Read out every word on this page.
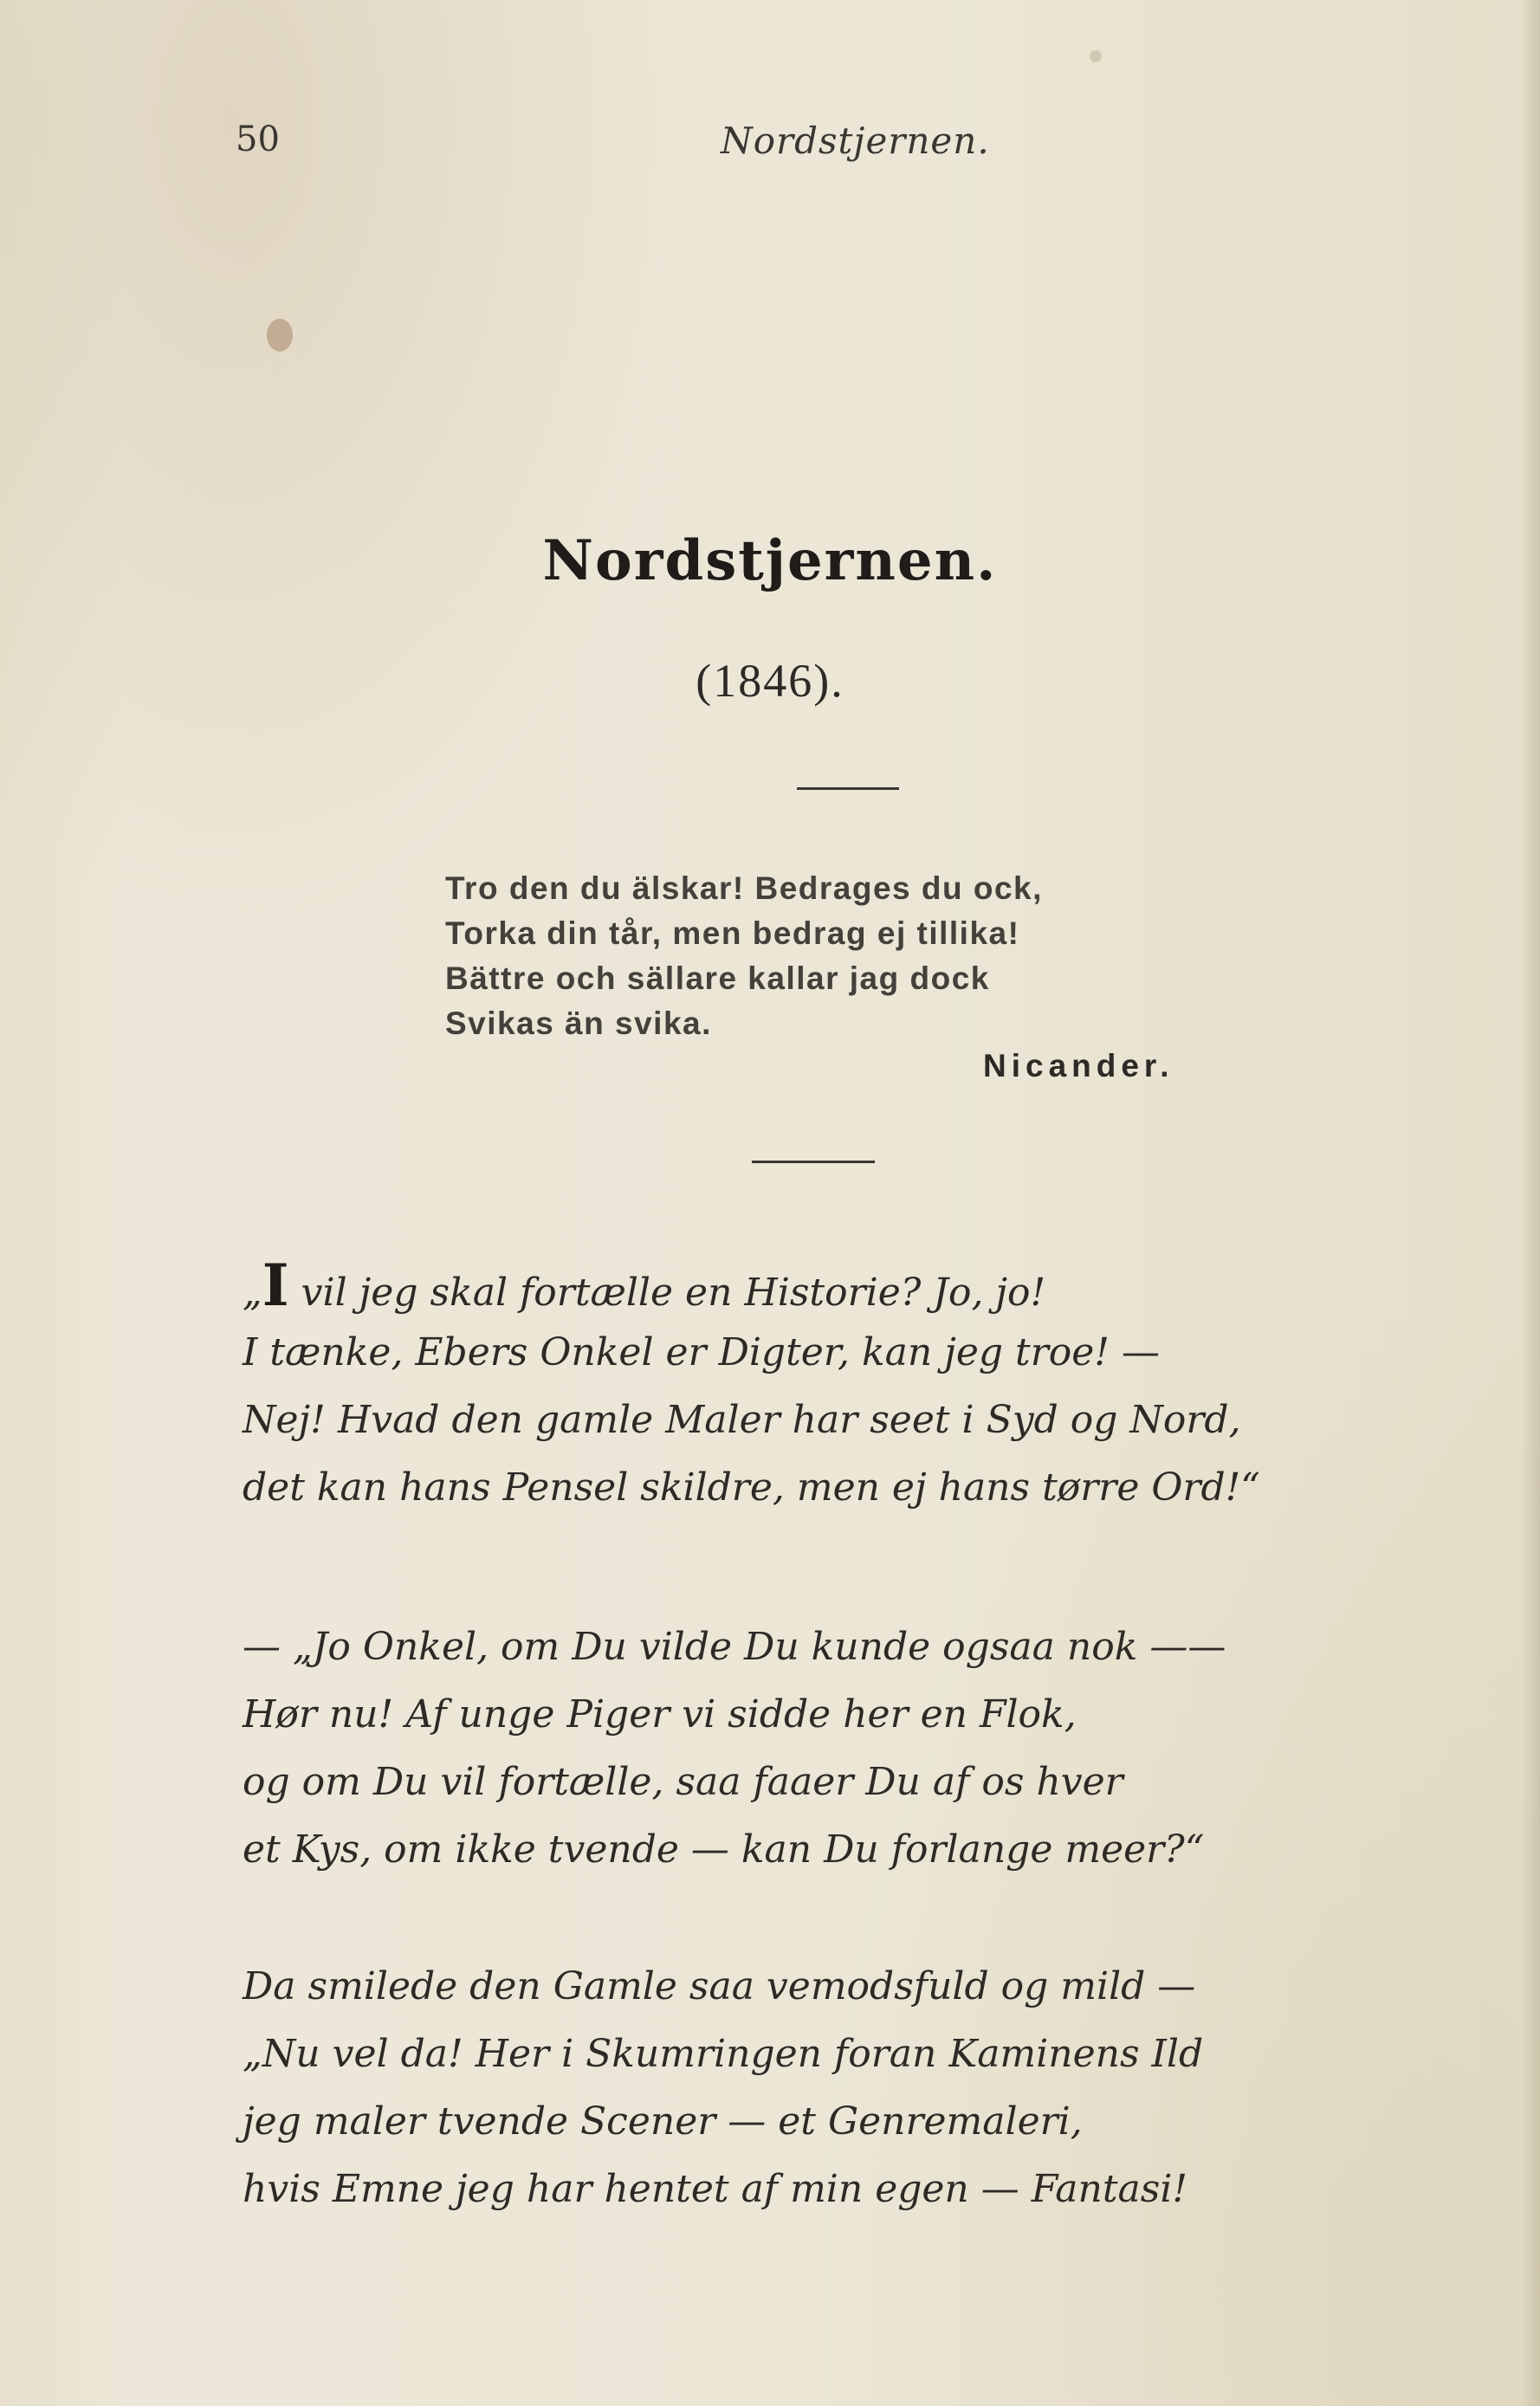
50	Nordstjernen.
Nordstjernen.
(1846).
Tro den du älskar! Bedrages du ock,
Torka din tår, men bedrag ej tillika!
Bättre och sällare kallar jag dock
Svikas än svika.
Nicander.
„I vil jeg skal fortælle en Historie? Jo, jo!
I tænke, Ebers Onkel er Digter, kan jeg troe! —
Nej! Hvad den gamle Maler har seet i Syd og Nord,
det kan hans Pensel skildre, men ej hans tørre Ord!“
— „Jo Onkel, om Du vilde Du kunde ogsaa nok ——
Hør nu! Af unge Piger vi sidde her en Flok,
og om Du vil fortælle, saa faaer Du af os hver
et Kys, om ikke tvende — kan Du forlange meer?“
Da smilede den Gamle saa vemodsfuld og mild —
„Nu vel da! Her i Skumringen foran Kaminens Ild
jeg maler tvende Scener — et Genremaleri,
hvis Emne jeg har hentet af min egen — Fantasi!
